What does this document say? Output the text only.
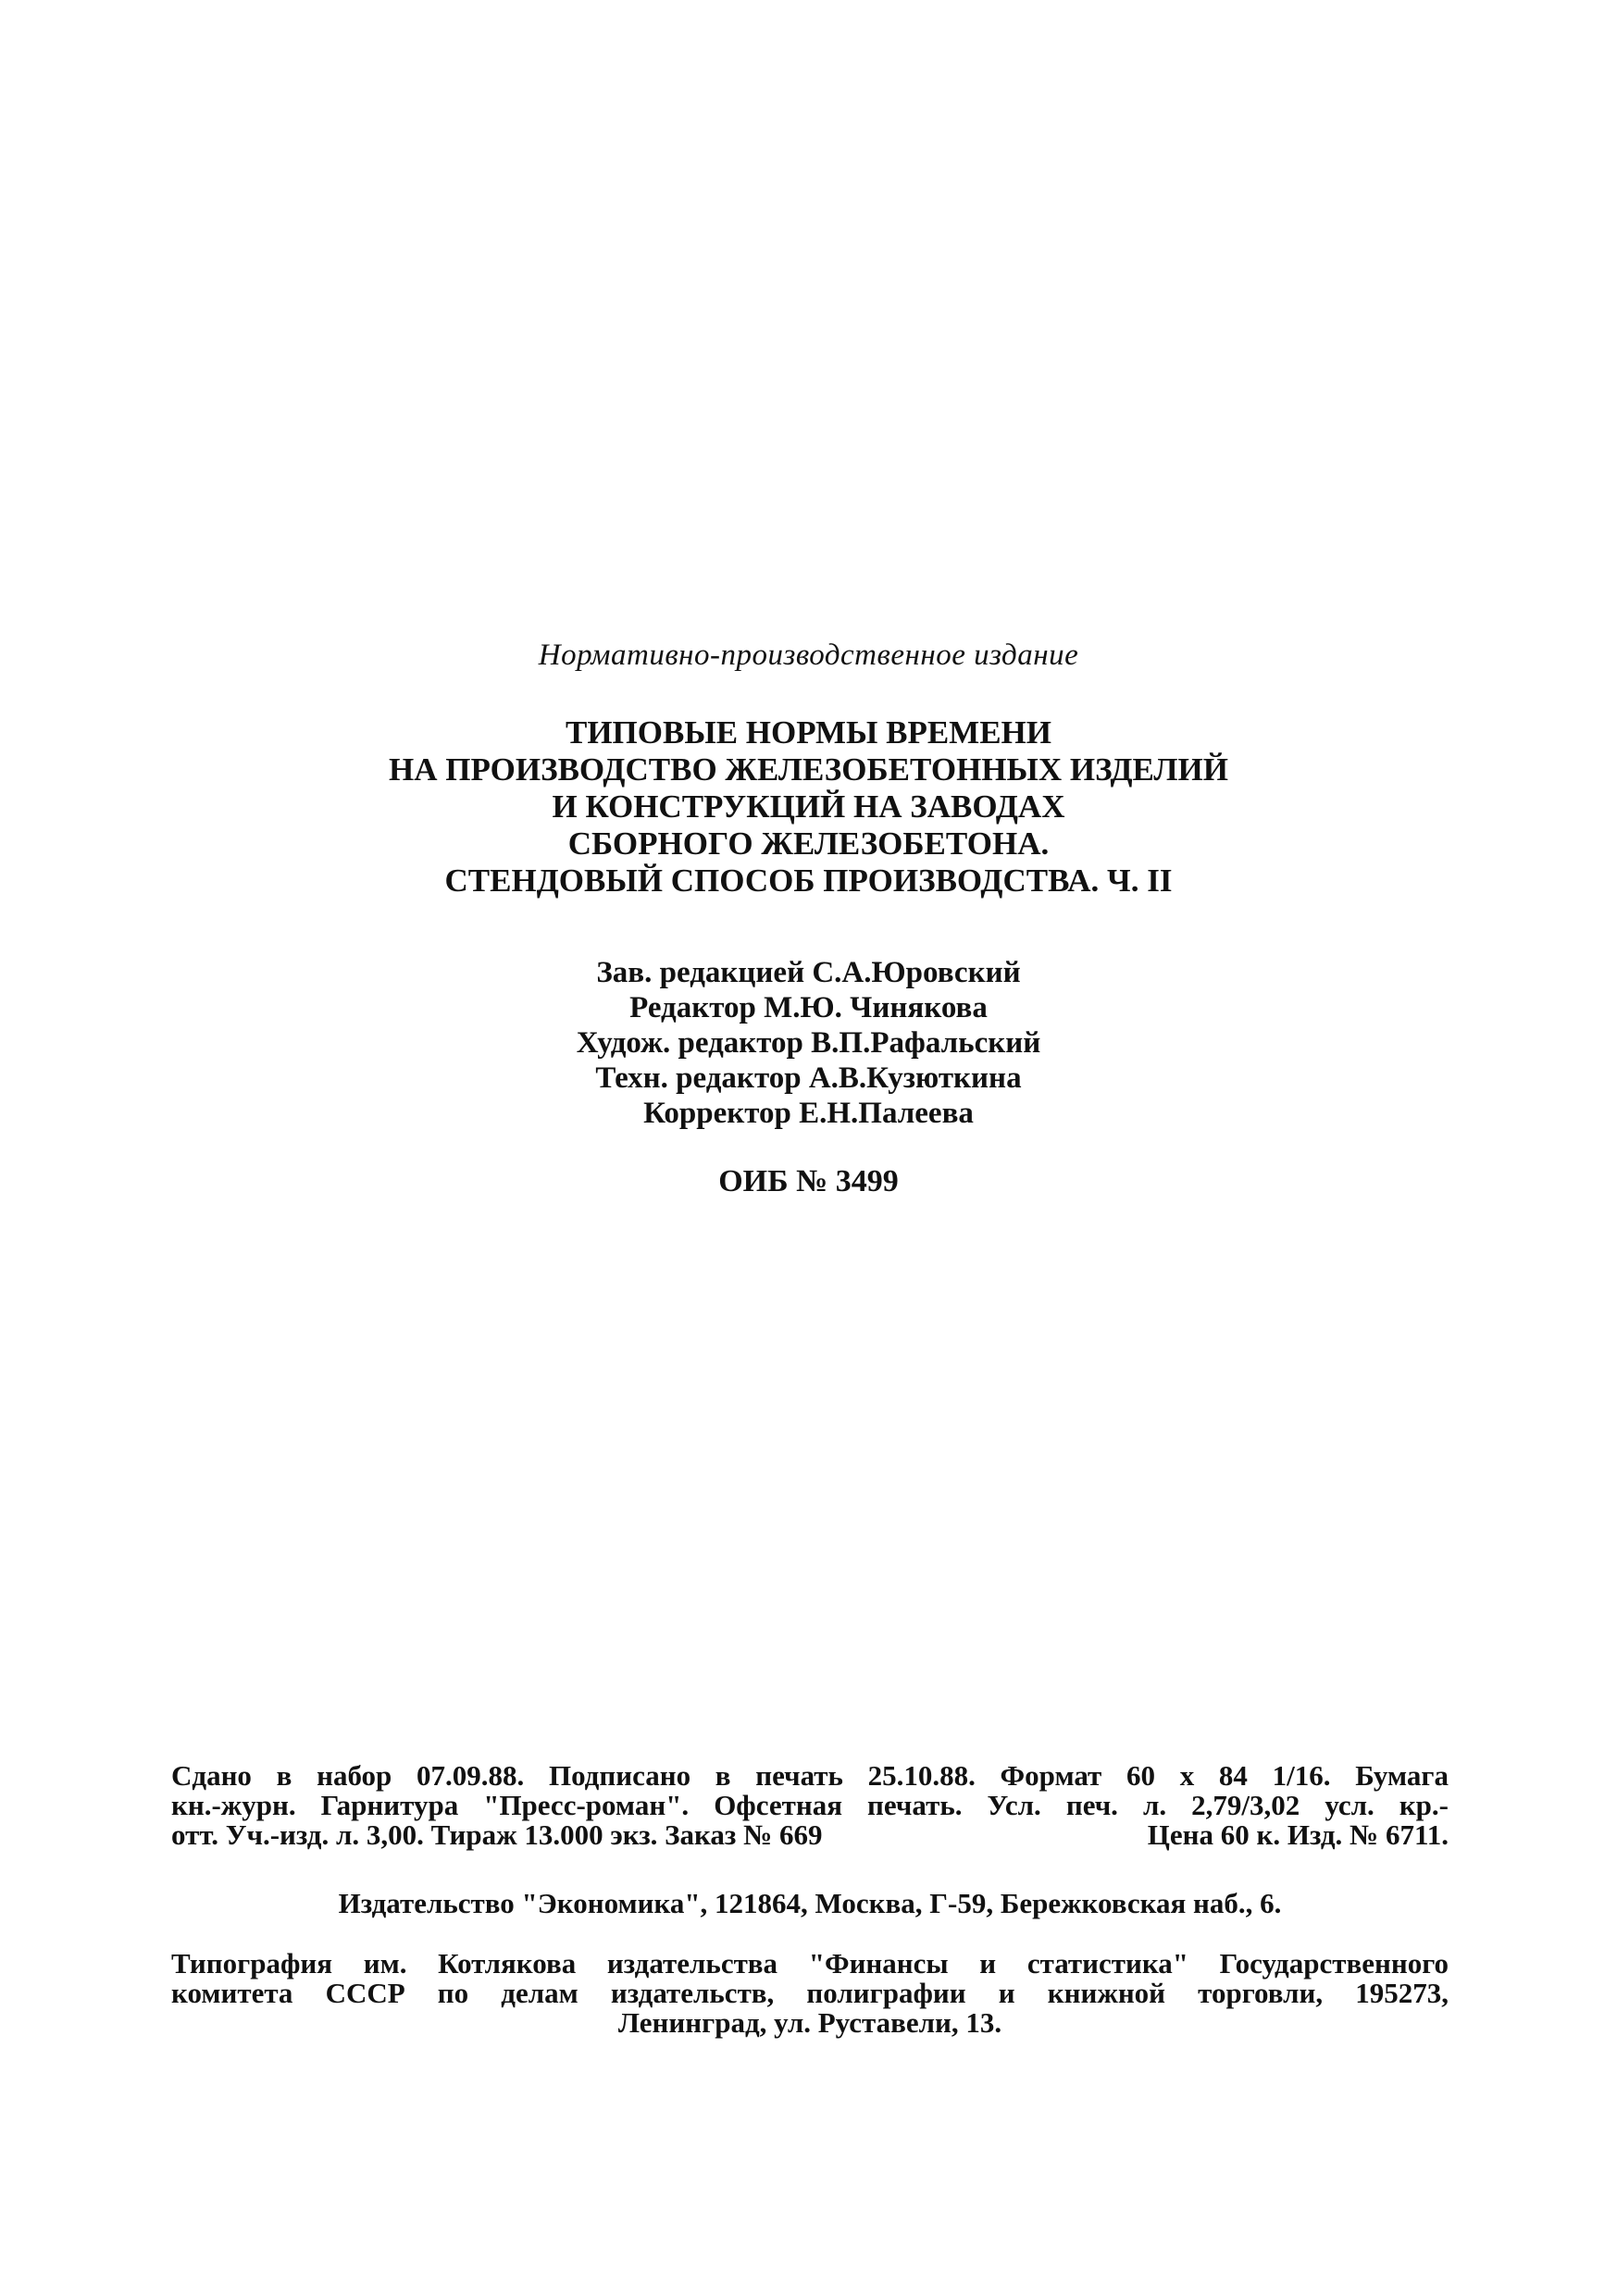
Нормативно-производственное издание
ТИПОВЫЕ НОРМЫ ВРЕМЕНИ
НА ПРОИЗВОДСТВО ЖЕЛЕЗОБЕТОННЫХ ИЗДЕЛИЙ
И КОНСТРУКЦИЙ НА ЗАВОДАХ
СБОРНОГО ЖЕЛЕЗОБЕТОНА.
СТЕНДОВЫЙ СПОСОБ ПРОИЗВОДСТВА. Ч. II
Зав. редакцией С.А.Юровский
Редактор М.Ю. Чинякова
Худож. редактор В.П.Рафальский
Техн. редактор А.В.Кузюткина
Корректор Е.Н.Палеева
ОИБ № 3499
Сдано в набор 07.09.88. Подписано в печать 25.10.88. Формат 60 х 84 1/16. Бумага
кн.-журн. Гарнитура "Пресс-роман". Офсетная печать. Усл. печ. л. 2,79/3,02 усл. кр.-
отт. Уч.-изд. л. 3,00. Тираж 13.000 экз. Заказ № 669	Цена 60 к. Изд. № 6711.
Издательство "Экономика", 121864, Москва, Г-59, Бережковская наб., 6.
Типография им. Котлякова издательства "Финансы и статистика" Государственного
комитета СССР по делам издательств, полиграфии и книжной торговли, 195273,
Ленинград, ул. Руставели, 13.
